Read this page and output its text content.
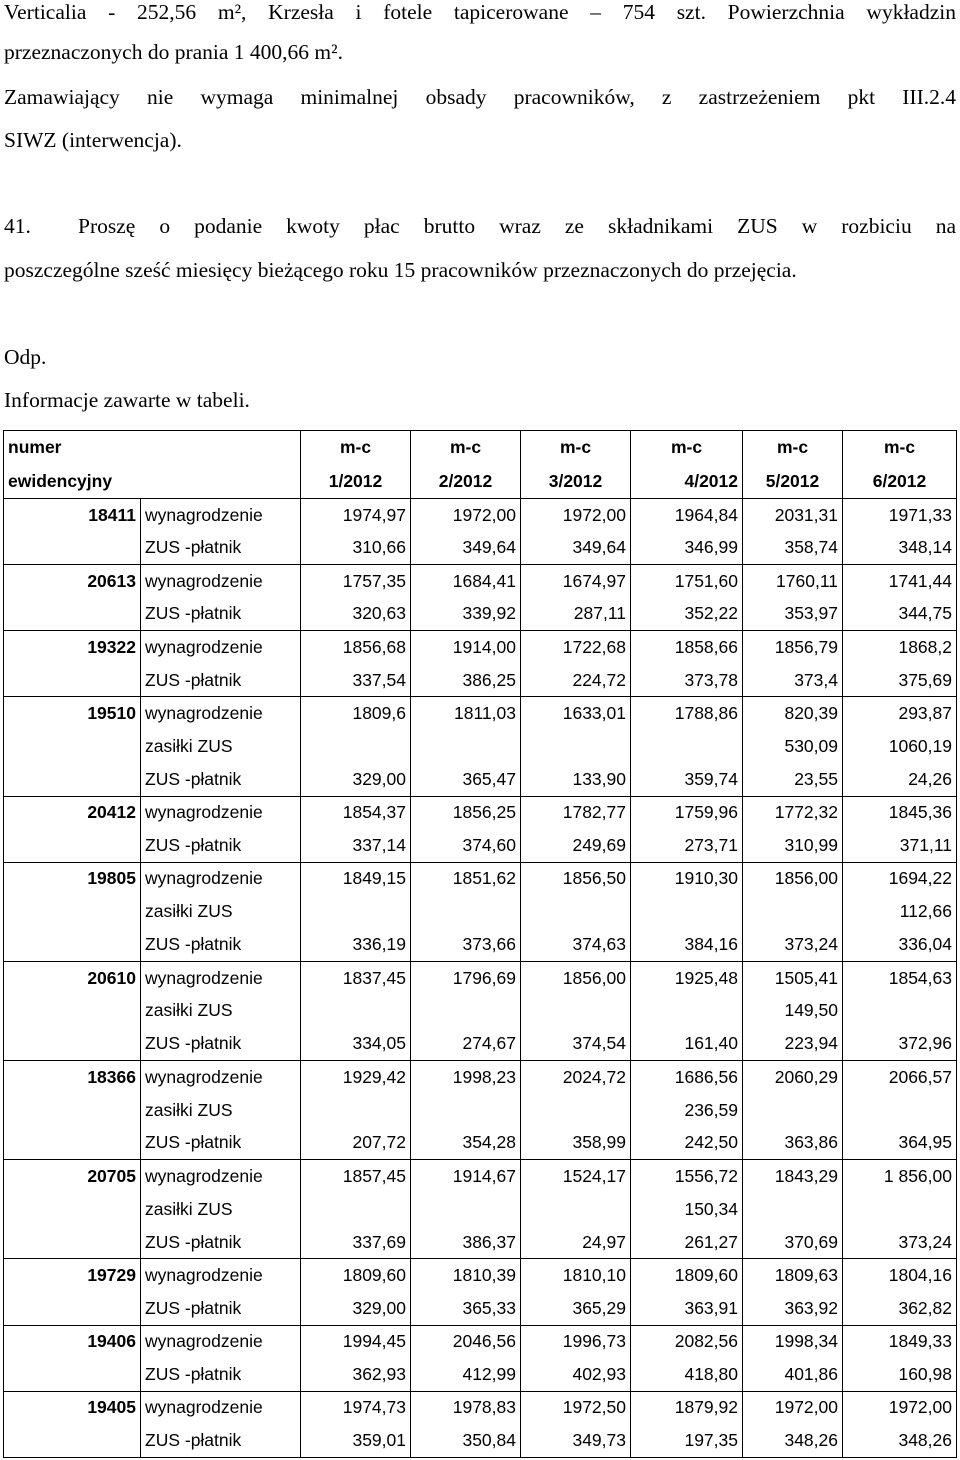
Verticalia - 252,56 m², Krzesła i fotele tapicerowane – 754 szt. Powierzchnia wykładzin
przeznaczonych do prania 1 400,66 m².
Zamawiający nie wymaga minimalnej obsady pracowników, z zastrzeżeniem pkt III.2.4
SIWZ (interwencja).
41. Proszę o podanie kwoty płac brutto wraz ze składnikami ZUS w rozbiciu na
poszczególne sześć miesięcy bieżącego roku 15 pracowników przeznaczonych do przejęcia.
Odp.
Informacje zawarte w tabeli.
numer		m-c	m-c	m-c	m-c	m-c	m-c
ewidencyjny		1/2012	2/2012	3/2012	4/2012	5/2012	6/2012
18411	wynagrodzenie	1974,97	1972,00	1972,00	1964,84	2031,31	1971,33
	ZUS -płatnik	310,66	349,64	349,64	346,99	358,74	348,14
20613	wynagrodzenie	1757,35	1684,41	1674,97	1751,60	1760,11	1741,44
	ZUS -płatnik	320,63	339,92	287,11	352,22	353,97	344,75
19322	wynagrodzenie	1856,68	1914,00	1722,68	1858,66	1856,79	1868,2
	ZUS -płatnik	337,54	386,25	224,72	373,78	373,4	375,69
19510	wynagrodzenie	1809,6	1811,03	1633,01	1788,86	820,39	293,87
	zasiłki ZUS					530,09	1060,19
	ZUS -płatnik	329,00	365,47	133,90	359,74	23,55	24,26
20412	wynagrodzenie	1854,37	1856,25	1782,77	1759,96	1772,32	1845,36
	ZUS -płatnik	337,14	374,60	249,69	273,71	310,99	371,11
19805	wynagrodzenie	1849,15	1851,62	1856,50	1910,30	1856,00	1694,22
	zasiłki ZUS						112,66
	ZUS -płatnik	336,19	373,66	374,63	384,16	373,24	336,04
20610	wynagrodzenie	1837,45	1796,69	1856,00	1925,48	1505,41	1854,63
	zasiłki ZUS					149,50	
	ZUS -płatnik	334,05	274,67	374,54	161,40	223,94	372,96
18366	wynagrodzenie	1929,42	1998,23	2024,72	1686,56	2060,29	2066,57
	zasiłki ZUS				236,59		
	ZUS -płatnik	207,72	354,28	358,99	242,50	363,86	364,95
20705	wynagrodzenie	1857,45	1914,67	1524,17	1556,72	1843,29	1 856,00
	zasiłki ZUS				150,34		
	ZUS -płatnik	337,69	386,37	24,97	261,27	370,69	373,24
19729	wynagrodzenie	1809,60	1810,39	1810,10	1809,60	1809,63	1804,16
	ZUS -płatnik	329,00	365,33	365,29	363,91	363,92	362,82
19406	wynagrodzenie	1994,45	2046,56	1996,73	2082,56	1998,34	1849,33
	ZUS -płatnik	362,93	412,99	402,93	418,80	401,86	160,98
19405	wynagrodzenie	1974,73	1978,83	1972,50	1879,92	1972,00	1972,00
	ZUS -płatnik	359,01	350,84	349,73	197,35	348,26	348,26
